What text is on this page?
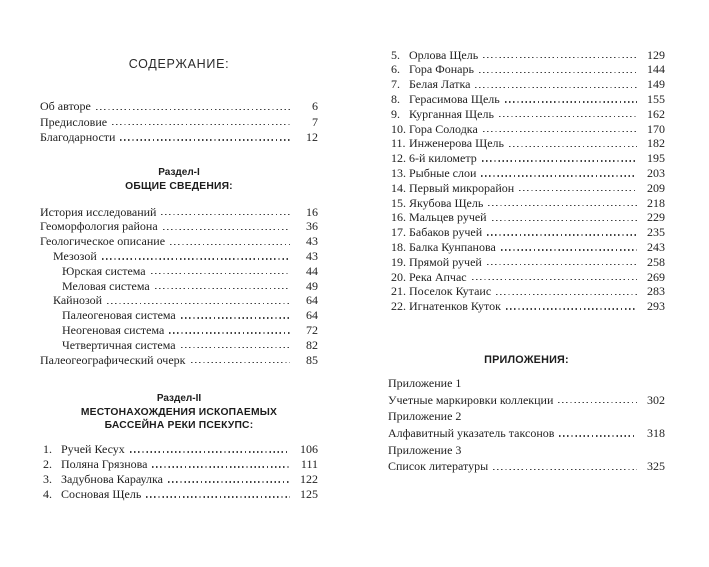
СОДЕРЖАНИЕ:
Об авторе	6
Предисловие	7
Благодарности	12
Раздел-I
ОБЩИЕ СВЕДЕНИЯ:
История исследований	16
Геоморфология района	36
Геологическое описание	43
Мезозой	43
Юрская система	44
Меловая система	49
Кайнозой	64
Палеогеновая система	64
Неогеновая система	72
Четвертичная система	82
Палеогеографический очерк	85
Раздел-II
МЕСТОНАХОЖДЕНИЯ ИСКОПАЕМЫХ
БАССЕЙНА РЕКИ ПСЕКУПС:
1. Ручей Кесух	106
2. Поляна Грязнова	111
3. Задубнова Караулка	122
4. Сосновая Щель	125
5. Орлова Щель	129
6. Гора Фонарь	144
7. Белая Латка	149
8. Герасимова Щель	155
9. Курганная Щель	162
10. Гора Солодка	170
11. Инженерова Щель	182
12. 6-й километр	195
13. Рыбные слои	203
14. Первый микрорайон	209
15. Якубова Щель	218
16. Мальцев ручей	229
17. Бабаков ручей	235
18. Балка Кунпанова	243
19. Прямой ручей	258
20. Река Апчас	269
21. Поселок Кутаис	283
22. Игнатенков Куток	293
ПРИЛОЖЕНИЯ:
Приложение 1
Учетные маркировки коллекции	302
Приложение 2
Алфавитный указатель таксонов	318
Приложение 3
Список литературы	325
